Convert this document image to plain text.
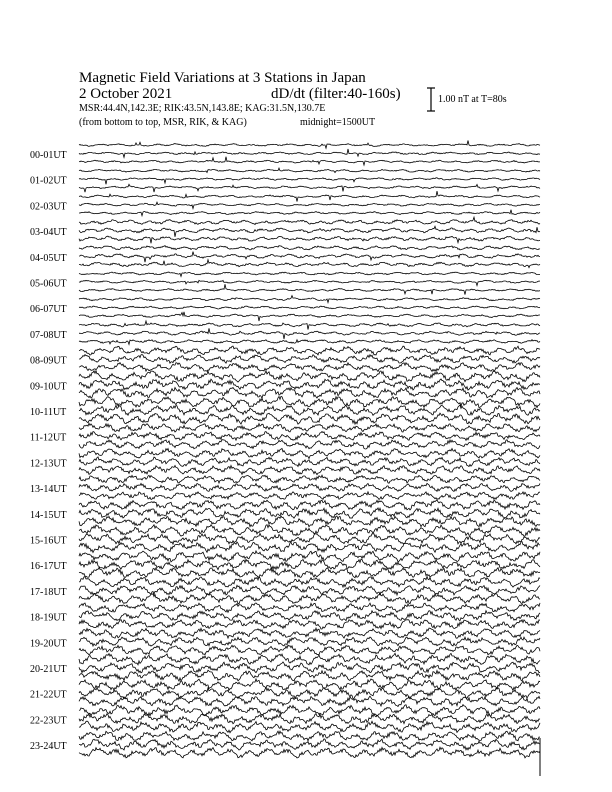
Magnetic Field Variations at 3 Stations in Japan
2 October 2021	dD/dt (filter:40-160s)
MSR:44.4N,142.3E; RIK:43.5N,143.8E; KAG:31.5N,130.7E
(from bottom to top, MSR, RIK, & KAG)	midnight=1500UT
1.00 nT at T=80s
00-01UT
01-02UT
02-03UT
03-04UT
04-05UT
05-06UT
06-07UT
07-08UT
08-09UT
09-10UT
10-11UT
11-12UT
12-13UT
13-14UT
14-15UT
15-16UT
16-17UT
17-18UT
18-19UT
19-20UT
20-21UT
21-22UT
22-23UT
23-24UT
